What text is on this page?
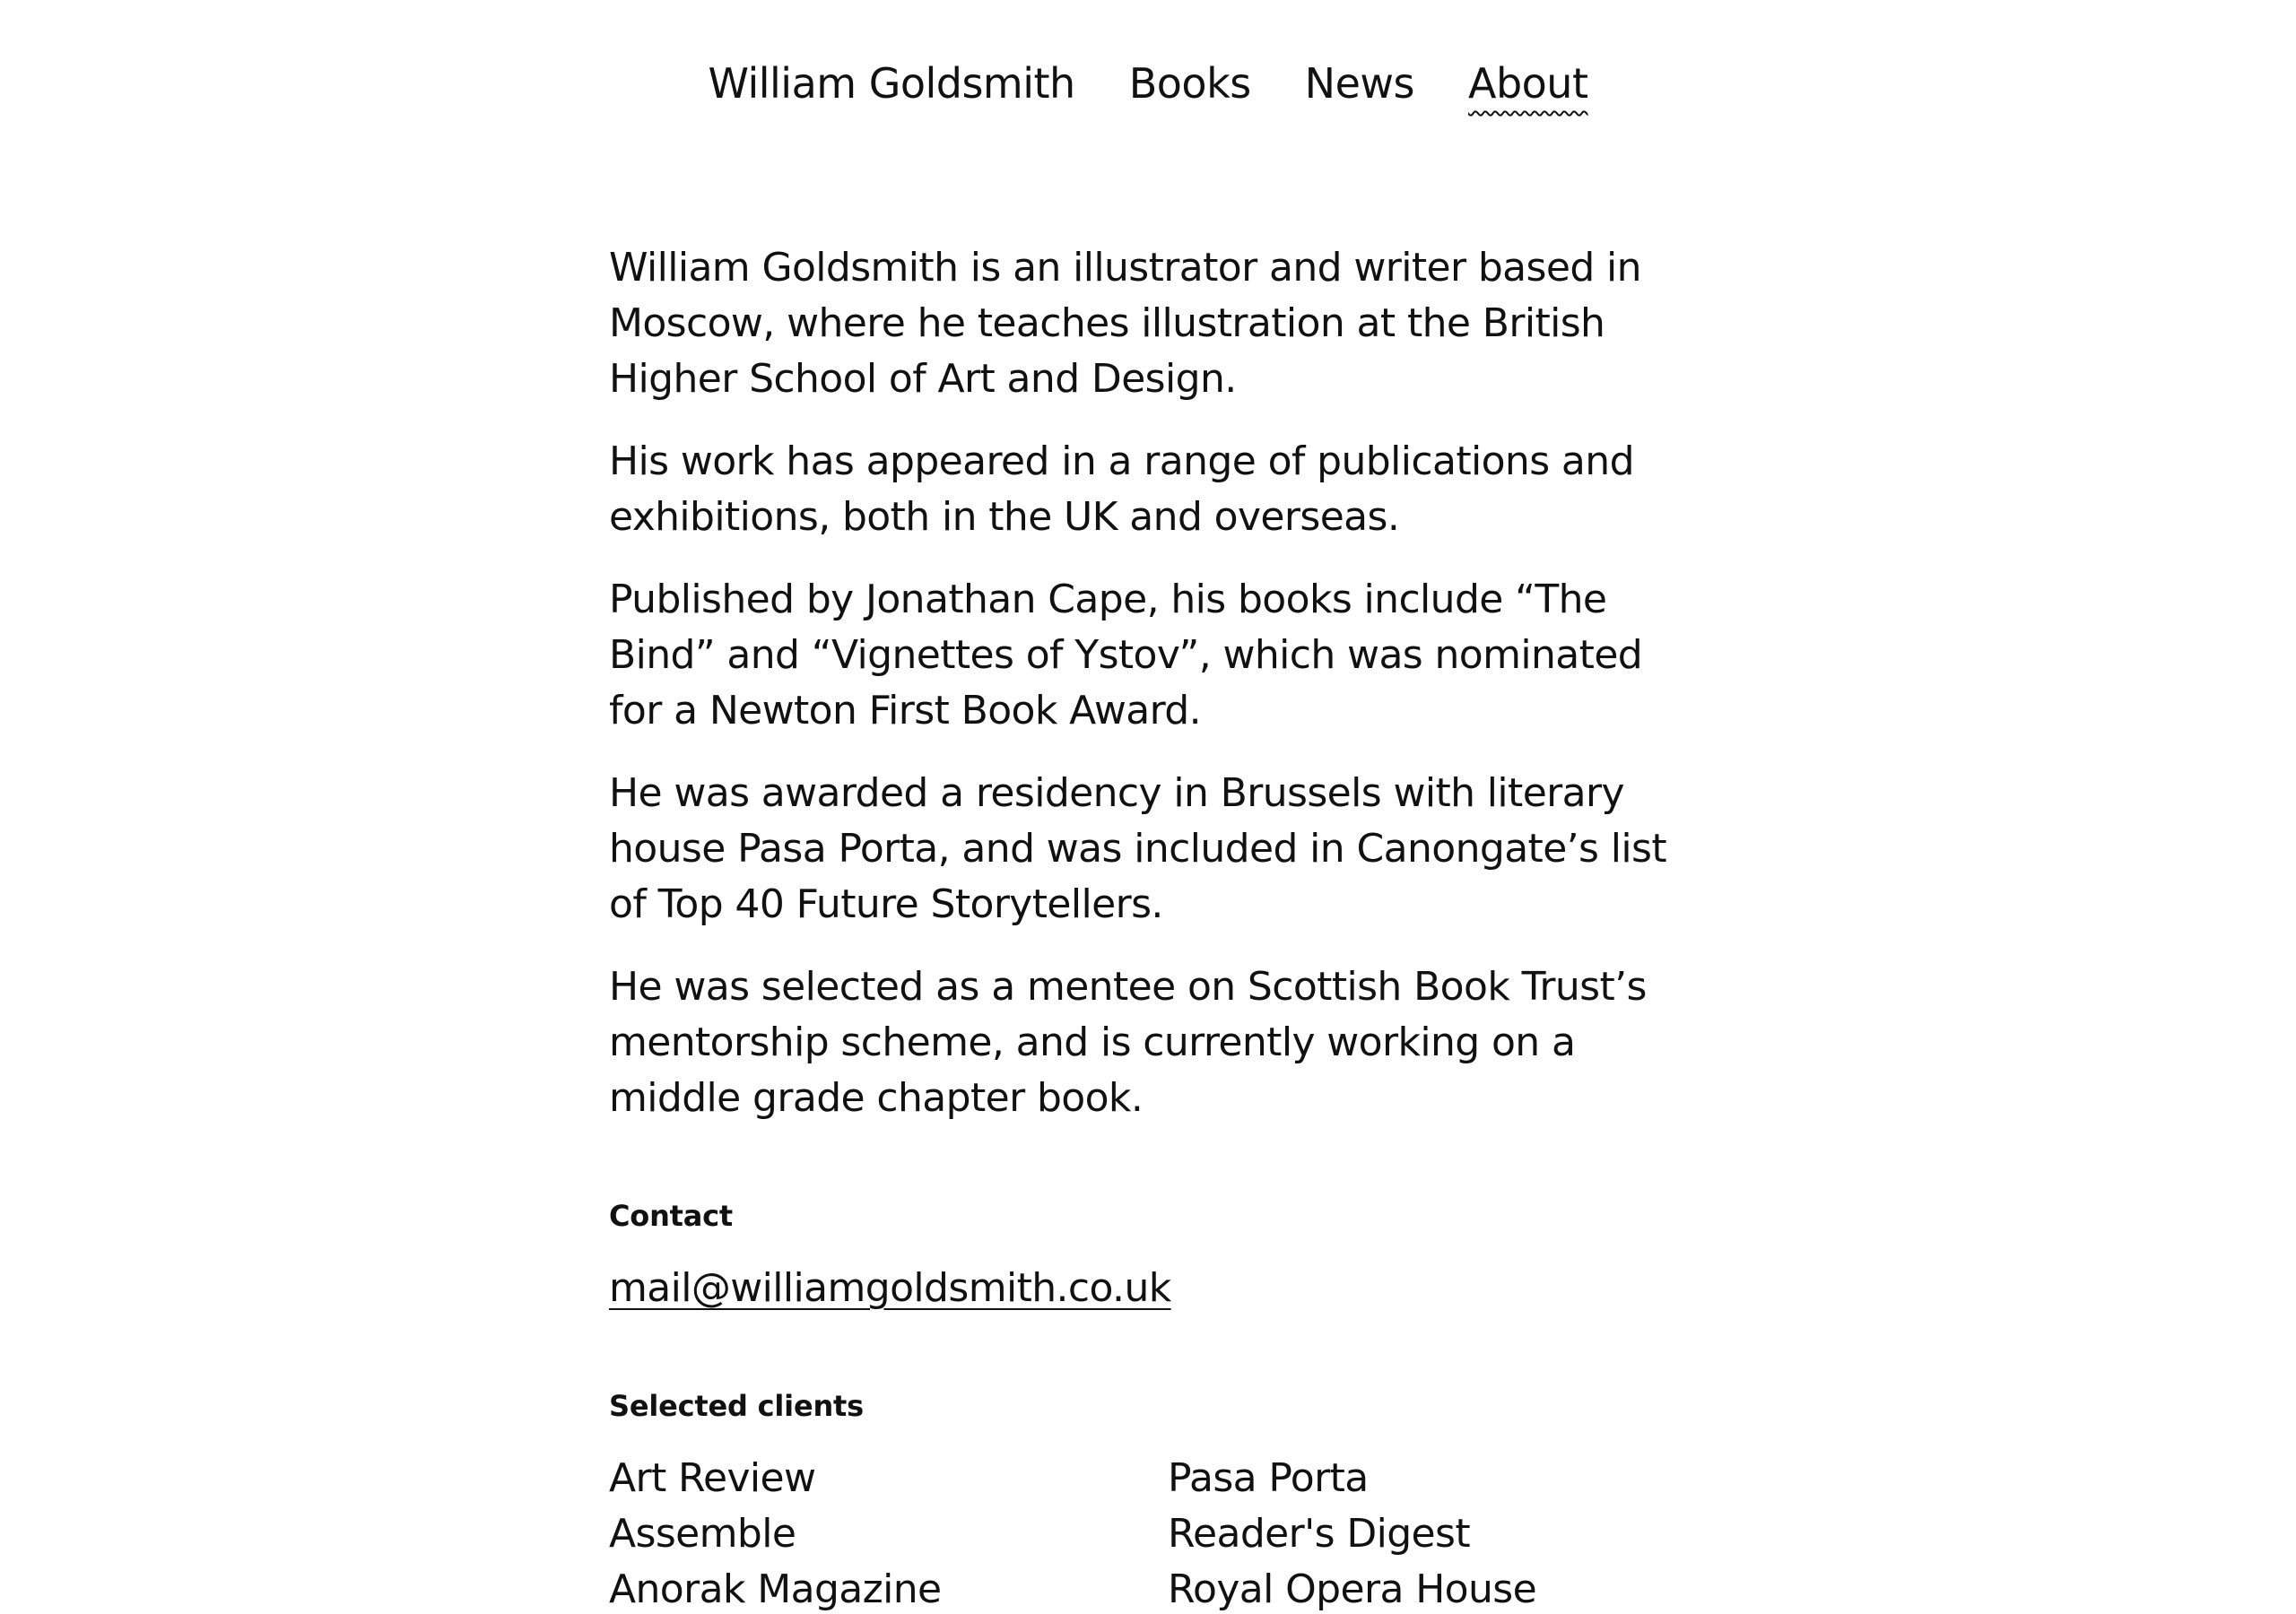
William Goldsmith Books News About

William Goldsmith is an illustrator and writer based in Moscow, where he teaches illustration at the British Higher School of Art and Design.

His work has appeared in a range of publications and exhibitions, both in the UK and overseas.

Published by Jonathan Cape, his books include “The Bind” and “Vignettes of Ystov”, which was nominated for a Newton First Book Award.

He was awarded a residency in Brussels with literary house Pasa Porta, and was included in Canongate’s list of Top 40 Future Storytellers.

He was selected as a mentee on Scottish Book Trust’s mentorship scheme, and is currently working on a middle grade chapter book.

Contact
mail@williamgoldsmith.co.uk
Selected clients
Art Review
Assemble
Anorak Magazine
Pasa Porta
Reader's Digest
Royal Opera House
